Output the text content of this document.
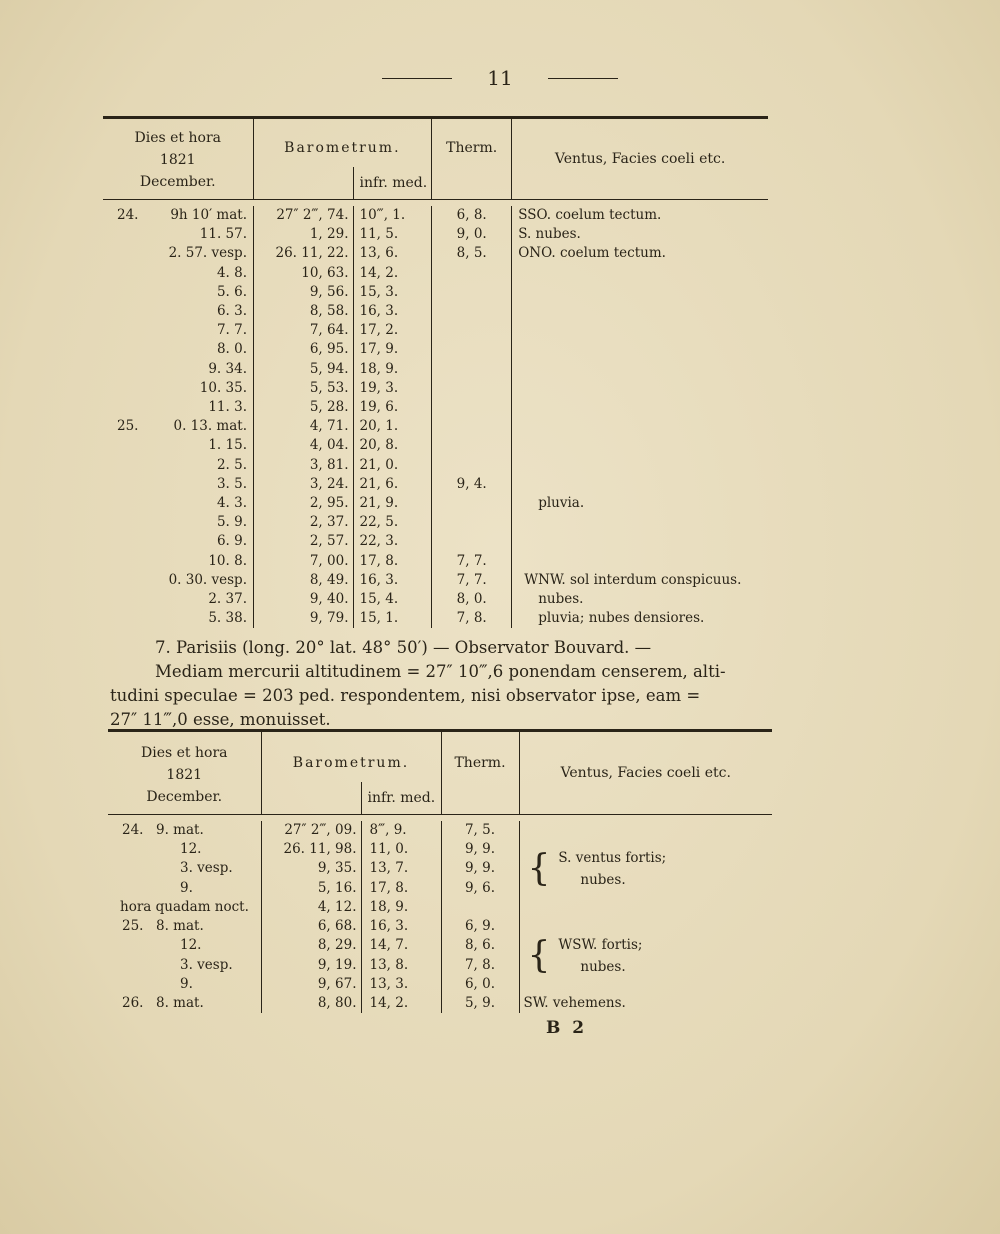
11
Dies et hora
1821
December.	Barometrum.		Therm.	Ventus, Facies coeli etc.
		infr. med.		

24. 9h 10′ mat.	27″ 2‴, 74.	10‴, 1.	6, 8.	SSO. coelum tectum.
11. 57.	1, 29.	11, 5.	9, 0.	S. nubes.
2. 57. vesp.	26. 11, 22.	13, 6.	8, 5.	ONO. coelum tectum.
4. 8.	10, 63.	14, 2.		
5. 6.	9, 56.	15, 3.		
6. 3.	8, 58.	16, 3.		
7. 7.	7, 64.	17, 2.		
8. 0.	6, 95.	17, 9.		
9. 34.	5, 94.	18, 9.		
10. 35.	5, 53.	19, 3.		
11. 3.	5, 28.	19, 6.		
25. 0. 13. mat.	4, 71.	20, 1.		
1. 15.	4, 04.	20, 8.		
2. 5.	3, 81.	21, 0.		
3. 5.	3, 24.	21, 6.	9, 4.	
4. 3.	2, 95.	21, 9.		pluvia.
5. 9.	2, 37.	22, 5.		
6. 9.	2, 57.	22, 3.		
10. 8.	7, 00.	17, 8.	7, 7.	
0. 30. vesp.	8, 49.	16, 3.	7, 7.	WNW. sol interdum conspicuus.
2. 37.	9, 40.	15, 4.	8, 0.	nubes.
5. 38.	9, 79.	15, 1.	7, 8.	pluvia; nubes densiores.
7. Parisiis (long. 20° lat. 48° 50′) — Observator Bouvard. —
Mediam mercurii altitudinem = 27″ 10‴,6 ponendam censerem, alti-
tudini speculae = 203 ped. respondentem, nisi observator ipse, eam =
27″ 11‴,0 esse, monuisset.
Dies et hora
1821
December.	Barometrum.		Therm.	Ventus, Facies coeli etc.
		infr. med.		

24. 9. mat.	27″ 2‴, 09.	8‴, 9.	7, 5.	{ S. ventus fortis;
nubes.

12.	26. 11, 98.	11, 0.	9, 9.	
3. vesp.	9, 35.	13, 7.	9, 9.	
9.	5, 16.	17, 8.	9, 6.	
hora quadam noct.	4, 12.	18, 9.		
25. 8. mat.	6, 68.	16, 3.	6, 9.	{ WSW. fortis;
nubes.

12.	8, 29.	14, 7.	8, 6.	
3. vesp.	9, 19.	13, 8.	7, 8.	
9.	9, 67.	13, 3.	6, 0.	
26. 8. mat.	8, 80.	14, 2.	5, 9.	SW. vehemens.
B 2
